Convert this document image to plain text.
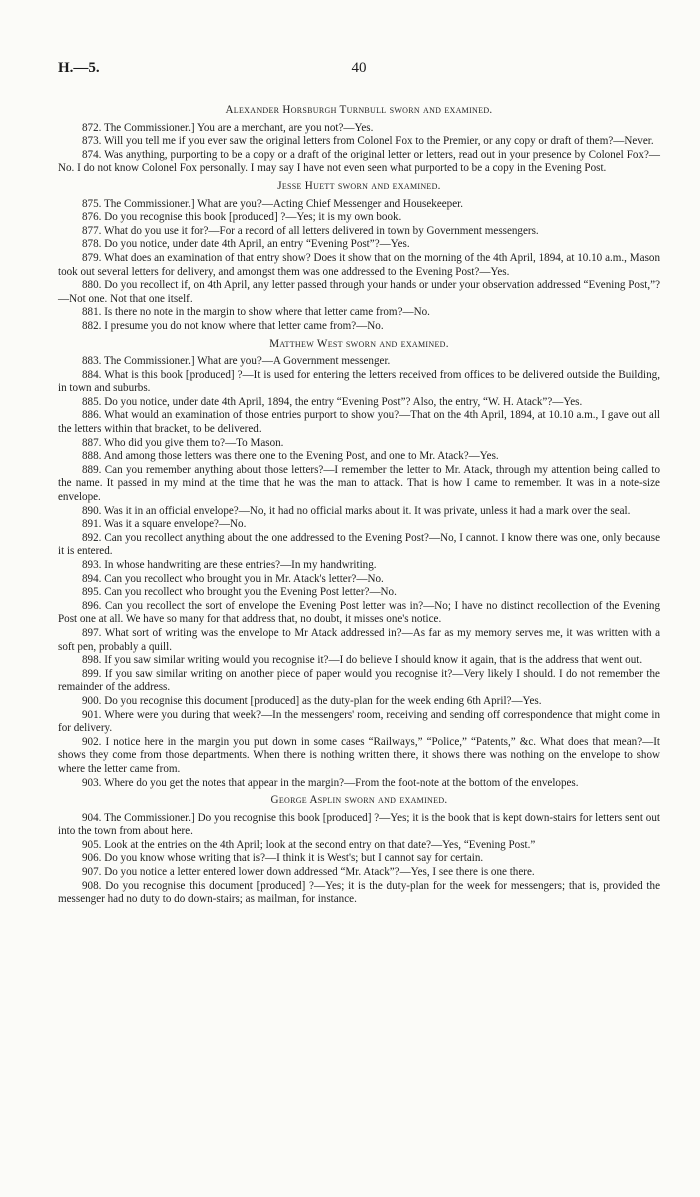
H.—5.	40
Alexander Horsburgh Turnbull sworn and examined.

872. The Commissioner.] You are a merchant, are you not?—Yes.

873. Will you tell me if you ever saw the original letters from Colonel Fox to the Premier, or any copy or draft of them?—Never.

874. Was anything, purporting to be a copy or a draft of the original letter or letters, read out in your presence by Colonel Fox?—No. I do not know Colonel Fox personally. I may say I have not even seen what purported to be a copy in the Evening Post.

Jesse Huett sworn and examined.

875. The Commissioner.] What are you?—Acting Chief Messenger and Housekeeper.

876. Do you recognise this book [produced] ?—Yes; it is my own book.

877. What do you use it for?—For a record of all letters delivered in town by Government messengers.

878. Do you notice, under date 4th April, an entry “Evening Post”?—Yes.

879. What does an examination of that entry show? Does it show that on the morning of the 4th April, 1894, at 10.10 a.m., Mason took out several letters for delivery, and amongst them was one addressed to the Evening Post?—Yes.

880. Do you recollect if, on 4th April, any letter passed through your hands or under your observation addressed “Evening Post,”?—Not one. Not that one itself.

881. Is there no note in the margin to show where that letter came from?—No.

882. I presume you do not know where that letter came from?—No.

Matthew West sworn and examined.

883. The Commissioner.] What are you?—A Government messenger.

884. What is this book [produced] ?—It is used for entering the letters received from offices to be delivered outside the Building, in town and suburbs.

885. Do you notice, under date 4th April, 1894, the entry “Evening Post”? Also, the entry, “W. H. Atack”?—Yes.

886. What would an examination of those entries purport to show you?—That on the 4th April, 1894, at 10.10 a.m., I gave out all the letters within that bracket, to be delivered.

887. Who did you give them to?—To Mason.

888. And among those letters was there one to the Evening Post, and one to Mr. Atack?—Yes.

889. Can you remember anything about those letters?—I remember the letter to Mr. Atack, through my attention being called to the name. It passed in my mind at the time that he was the man to attack. That is how I came to remember. It was in a note-size envelope.

890. Was it in an official envelope?—No, it had no official marks about it. It was private, unless it had a mark over the seal.

891. Was it a square envelope?—No.

892. Can you recollect anything about the one addressed to the Evening Post?—No, I cannot. I know there was one, only because it is entered.

893. In whose handwriting are these entries?—In my handwriting.

894. Can you recollect who brought you in Mr. Atack's letter?—No.

895. Can you recollect who brought you the Evening Post letter?—No.

896. Can you recollect the sort of envelope the Evening Post letter was in?—No; I have no distinct recollection of the Evening Post one at all. We have so many for that address that, no doubt, it misses one's notice.

897. What sort of writing was the envelope to Mr Atack addressed in?—As far as my memory serves me, it was written with a soft pen, probably a quill.

898. If you saw similar writing would you recognise it?—I do believe I should know it again, that is the address that went out.

899. If you saw similar writing on another piece of paper would you recognise it?—Very likely I should. I do not remember the remainder of the address.

900. Do you recognise this document [produced] as the duty-plan for the week ending 6th April?—Yes.

901. Where were you during that week?—In the messengers' room, receiving and sending off correspondence that might come in for delivery.

902. I notice here in the margin you put down in some cases “Railways,” “Police,” “Patents,” &c. What does that mean?—It shows they come from those departments. When there is nothing written there, it shows there was nothing on the envelope to show where the letter came from.

903. Where do you get the notes that appear in the margin?—From the foot-note at the bottom of the envelopes.

George Asplin sworn and examined.

904. The Commissioner.] Do you recognise this book [produced] ?—Yes; it is the book that is kept down-stairs for letters sent out into the town from about here.

905. Look at the entries on the 4th April; look at the second entry on that date?—Yes, “Evening Post.”

906. Do you know whose writing that is?—I think it is West's; but I cannot say for certain.

907. Do you notice a letter entered lower down addressed “Mr. Atack”?—Yes, I see there is one there.

908. Do you recognise this document [produced] ?—Yes; it is the duty-plan for the week for messengers; that is, provided the messenger had no duty to do down-stairs; as mailman, for instance.
